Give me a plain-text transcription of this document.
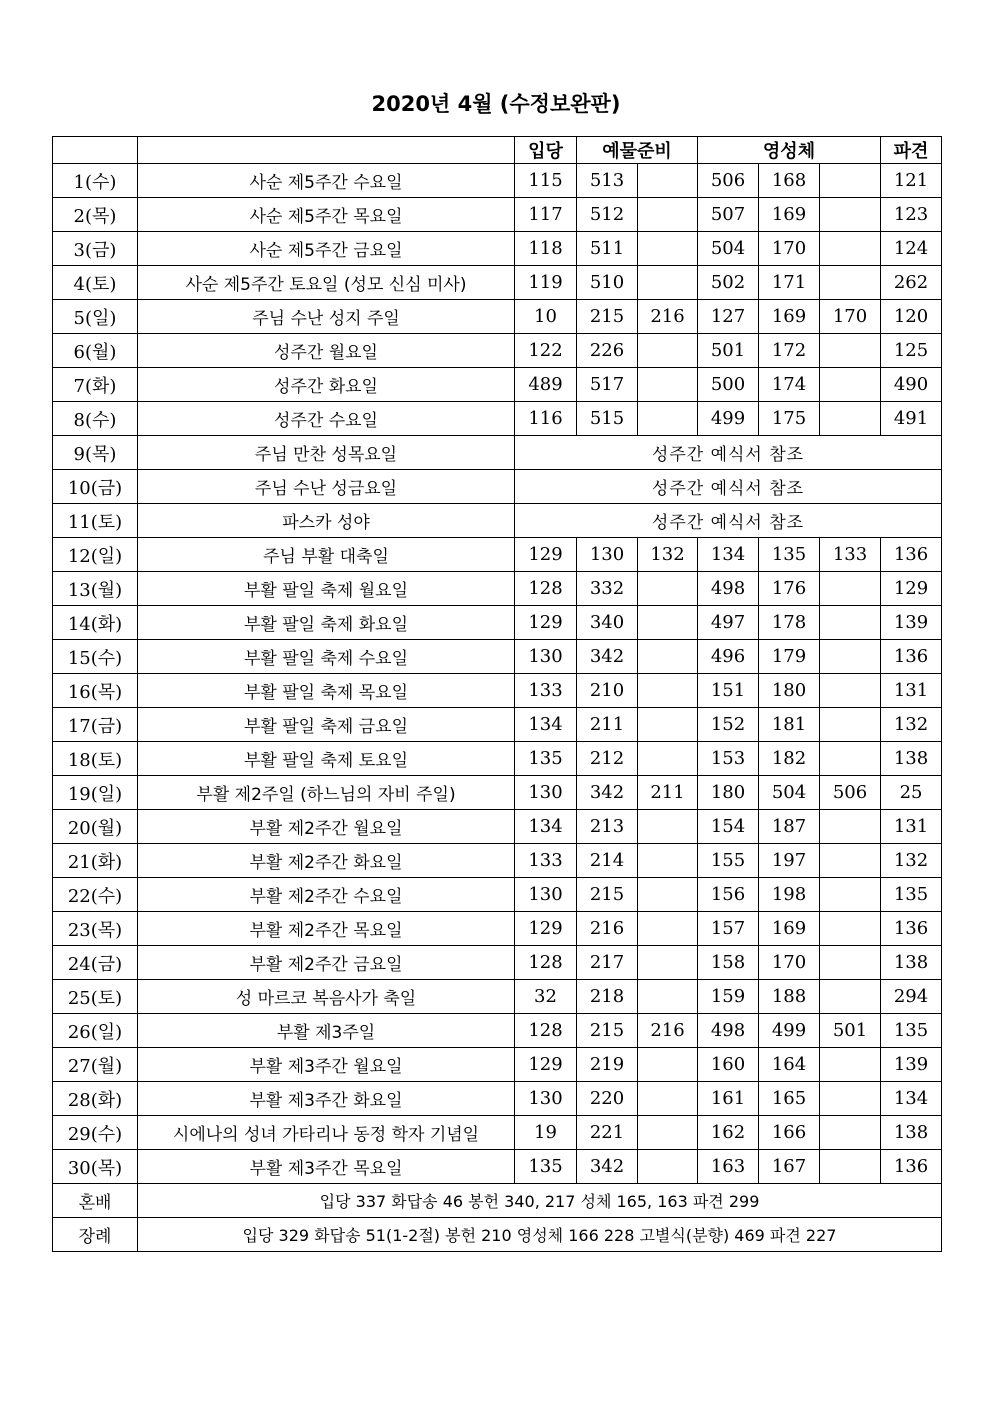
2020년 4월 (수정보완판)
		입당	예물준비		영성체			파견
1(수)	사순 제5주간 수요일	115	513		506	168		121
2(목)	사순 제5주간 목요일	117	512		507	169		123
3(금)	사순 제5주간 금요일	118	511		504	170		124
4(토)	사순 제5주간 토요일 (성모 신심 미사)	119	510		502	171		262
5(일)	주님 수난 성지 주일	10	215	216	127	169	170	120
6(월)	성주간 월요일	122	226		501	172		125
7(화)	성주간 화요일	489	517		500	174		490
8(수)	성주간 수요일	116	515		499	175		491
9(목)	주님 만찬 성목요일	성주간 예식서 참조						
10(금)	주님 수난 성금요일	성주간 예식서 참조						
11(토)	파스카 성야	성주간 예식서 참조						
12(일)	주님 부활 대축일	129	130	132	134	135	133	136
13(월)	부활 팔일 축제 월요일	128	332		498	176		129
14(화)	부활 팔일 축제 화요일	129	340		497	178		139
15(수)	부활 팔일 축제 수요일	130	342		496	179		136
16(목)	부활 팔일 축제 목요일	133	210		151	180		131
17(금)	부활 팔일 축제 금요일	134	211		152	181		132
18(토)	부활 팔일 축제 토요일	135	212		153	182		138
19(일)	부활 제2주일 (하느님의 자비 주일)	130	342	211	180	504	506	25
20(월)	부활 제2주간 월요일	134	213		154	187		131
21(화)	부활 제2주간 화요일	133	214		155	197		132
22(수)	부활 제2주간 수요일	130	215		156	198		135
23(목)	부활 제2주간 목요일	129	216		157	169		136
24(금)	부활 제2주간 금요일	128	217		158	170		138
25(토)	성 마르코 복음사가 축일	32	218		159	188		294
26(일)	부활 제3주일	128	215	216	498	499	501	135
27(월)	부활 제3주간 월요일	129	219		160	164		139
28(화)	부활 제3주간 화요일	130	220		161	165		134
29(수)	시에나의 성녀 가타리나 동정 학자 기념일	19	221		162	166		138
30(목)	부활 제3주간 목요일	135	342		163	167		136
혼배	입당 337 화답송 46 봉헌 340, 217 성체 165, 163 파견 299							
장례	입당 329 화답송 51(1-2절) 봉헌 210 영성체 166 228 고별식(분향) 469 파견 227							
